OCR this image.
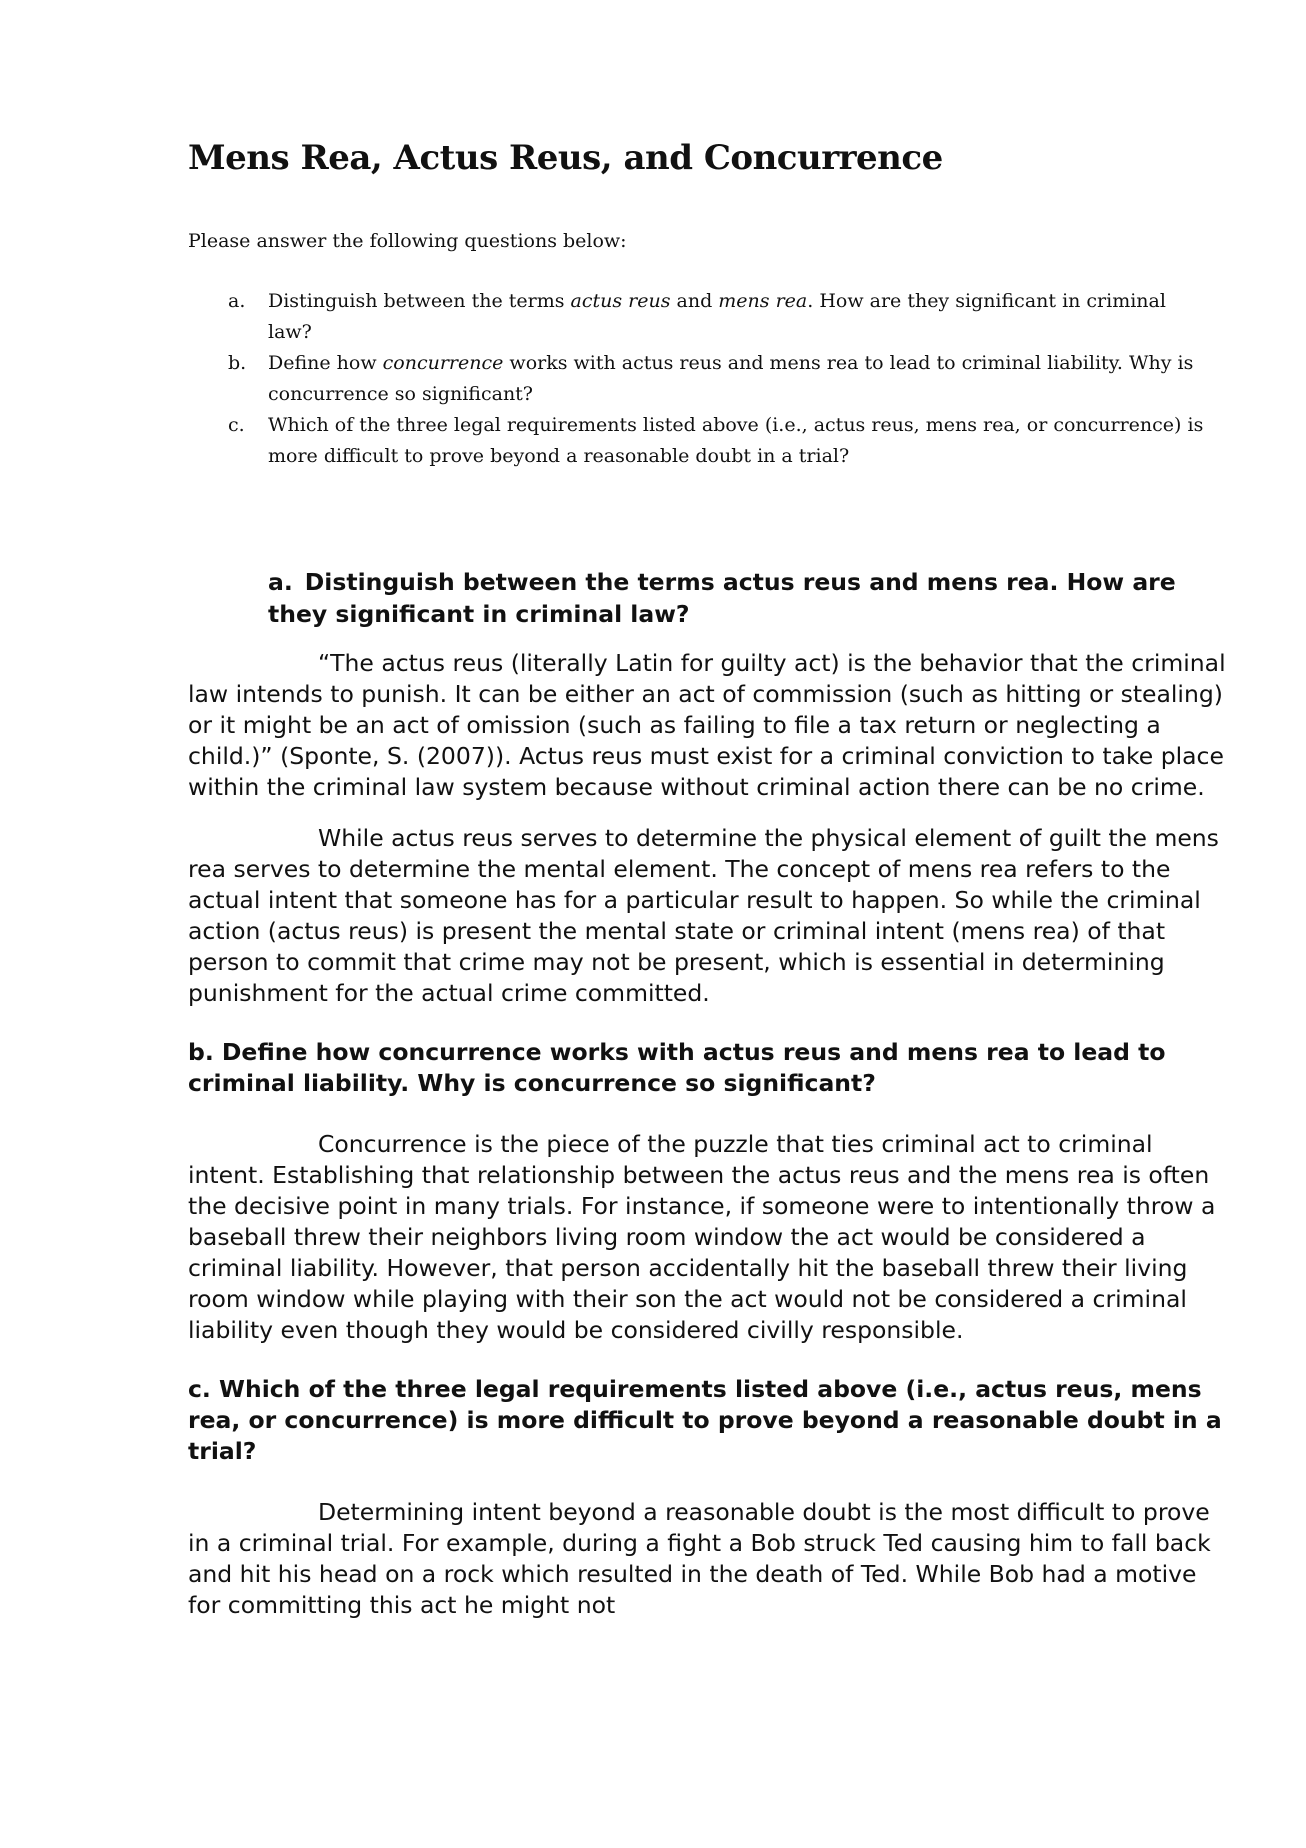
Mens Rea, Actus Reus, and Concurrence

Please answer the following questions below:

a. Distinguish between the terms actus reus and mens rea. How are they significant in criminal law?
b. Define how concurrence works with actus reus and mens rea to lead to criminal liability. Why is concurrence so significant?
c. Which of the three legal requirements listed above (i.e., actus reus, mens rea, or concurrence) is more difficult to prove beyond a reasonable doubt in a trial?
a. Distinguish between the terms actus reus and mens rea. How are they significant in criminal law?

“The actus reus (literally Latin for guilty act) is the behavior that the criminal law intends to punish. It can be either an act of commission (such as hitting or stealing) or it might be an act of omission (such as failing to file a tax return or neglecting a child.)” (Sponte, S. (2007)). Actus reus must exist for a criminal conviction to take place within the criminal law system because without criminal action there can be no crime.

While actus reus serves to determine the physical element of guilt the mens rea serves to determine the mental element. The concept of mens rea refers to the actual intent that someone has for a particular result to happen. So while the criminal action (actus reus) is present the mental state or criminal intent (mens rea) of that person to commit that crime may not be present, which is essential in determining punishment for the actual crime committed.

b. Define how concurrence works with actus reus and mens rea to lead to criminal liability. Why is concurrence so significant?

Concurrence is the piece of the puzzle that ties criminal act to criminal intent. Establishing that relationship between the actus reus and the mens rea is often the decisive point in many trials. For instance, if someone were to intentionally throw a baseball threw their neighbors living room window the act would be considered a criminal liability. However, that person accidentally hit the baseball threw their living room window while playing with their son the act would not be considered a criminal liability even though they would be considered civilly responsible.

c. Which of the three legal requirements listed above (i.e., actus reus, mens rea, or concurrence) is more difficult to prove beyond a reasonable doubt in a trial?

Determining intent beyond a reasonable doubt is the most difficult to prove in a criminal trial. For example, during a fight a Bob struck Ted causing him to fall back and hit his head on a rock which resulted in the death of Ted. While Bob had a motive for committing this act he might not
